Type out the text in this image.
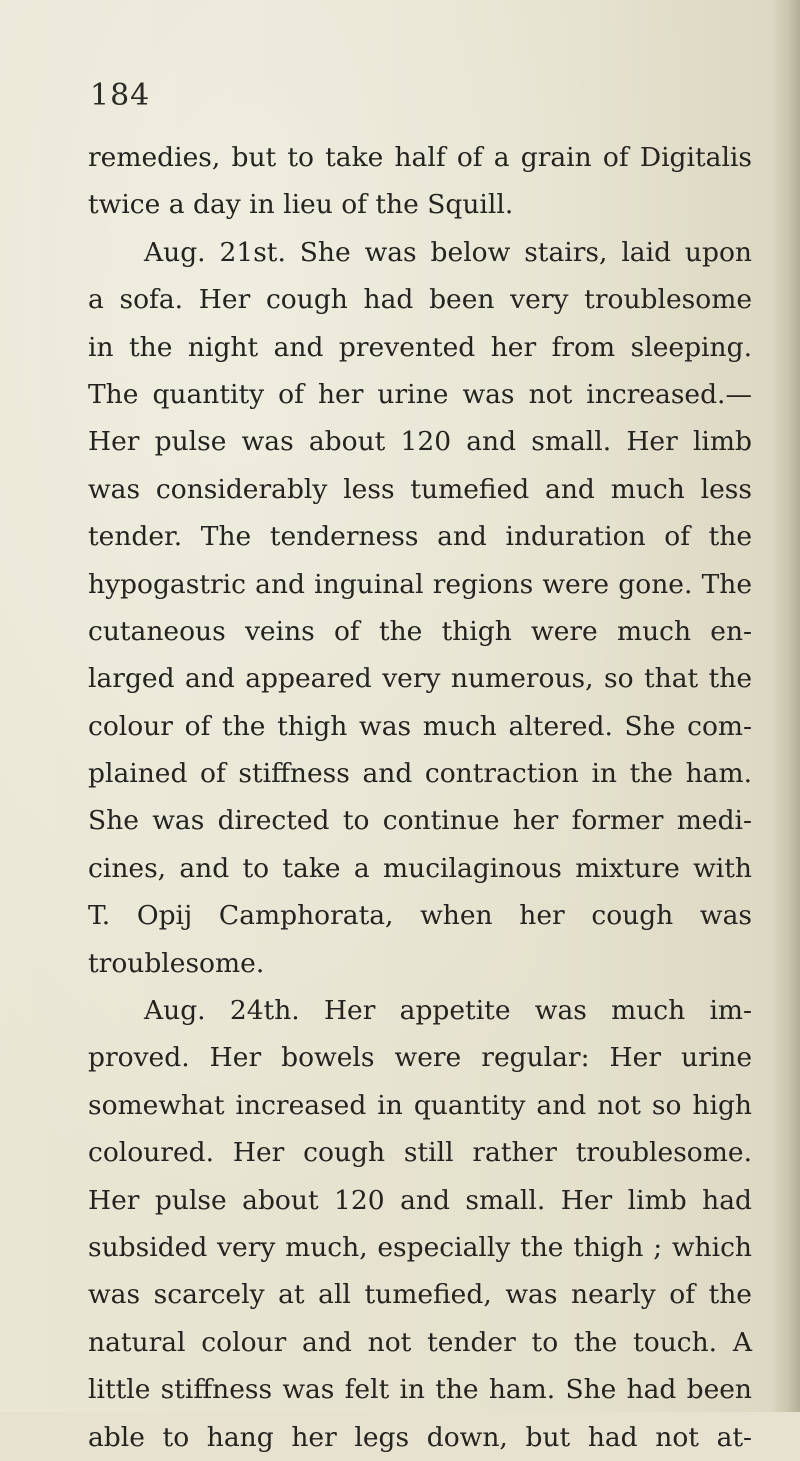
184
remedies, but to take half of a grain of Digitalis
twice a day in lieu of the Squill.
Aug. 21st. She was below stairs, laid upon
a sofa. Her cough had been very troublesome
in the night and prevented her from sleeping.
The quantity of her urine was not increased.—
Her pulse was about 120 and small. Her limb
was considerably less tumefied and much less
tender. The tenderness and induration of the
hypogastric and inguinal regions were gone. The
cutaneous veins of the thigh were much en-
larged and appeared very numerous, so that the
colour of the thigh was much altered. She com-
plained of stiffness and contraction in the ham.
She was directed to continue her former medi-
cines, and to take a mucilaginous mixture with
T. Opij Camphorata, when her cough was
troublesome.
Aug. 24th. Her appetite was much im-
proved. Her bowels were regular: Her urine
somewhat increased in quantity and not so high
coloured. Her cough still rather troublesome.
Her pulse about 120 and small. Her limb had
subsided very much, especially the thigh ; which
was scarcely at all tumefied, was nearly of the
natural colour and not tender to the touch. A
little stiffness was felt in the ham. She had been
able to hang her legs down, but had not at-
